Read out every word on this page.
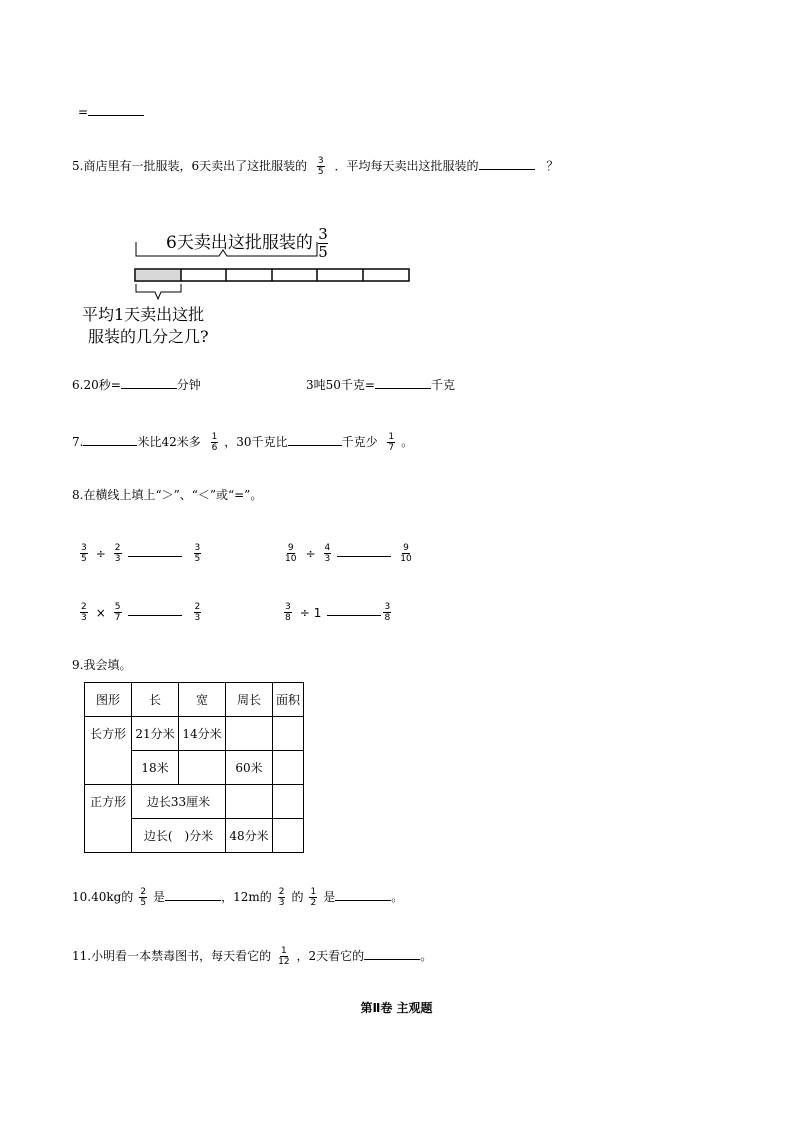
=
5.商店里有一批服装，6天卖出了这批服装的 $\frac{3}{5}$ ．平均每天卖出这批服装的	？
6天卖出这批服装的 $\frac{3}{5}$
平均1天卖出这批
服装的几分之几?
6.20秒=	分钟	3吨50千克=	千克
7.	米比42米多 $\frac{1}{6}$ ，30千克比	千克少 $\frac{1}{7}$ 。
8.在横线上填上“＞”、“＜”或“=”。
$\frac{3}{5} \div \frac{2}{3}$	$\frac{3}{5}$	$\frac{9}{10} \div \frac{4}{3}$	$\frac{9}{10}$
$\frac{2}{3} \times \frac{5}{7}$	$\frac{2}{3}$	$\frac{3}{8} \div 1$	$\frac{3}{8}$
9.我会填。
图形	长	宽	周长	面积
长方形	21分米	14分米		
	18米		60米	
正方形	边长33厘米			
	边长(　)分米		48分米	
10.40kg的 $\frac{2}{5}$ 是	，12m的 $\frac{2}{3}$ 的 $\frac{1}{2}$ 是	。
11.小明看一本禁毒图书，每天看它的 $\frac{1}{12}$ ，2天看它的	。
第Ⅱ卷 主观题
